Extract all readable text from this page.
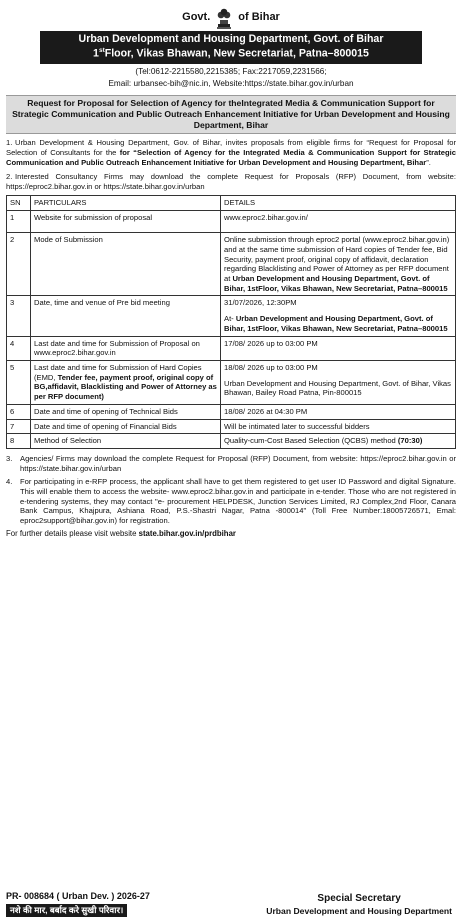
Govt.	of Bihar
Urban Development and Housing Department, Govt. of Bihar
1stFloor, Vikas Bhawan, New Secretariat, Patna–800015
(Tel:0612-2215580,2215385; Fax:2217059,2231566;
Email: urbansec-bih@nic.in, Website:https://state.bihar.gov.in/urban
Request for Proposal for Selection of Agency for theIntegrated Media & Communication Support for Strategic Communication and Public Outreach Enhancement Initiative for Urban Development and Housing Department, Bihar
1. Urban Development & Housing Department, Gov. of Bihar, invites proposals from eligible firms for “Request for Proposal for Selection of Consultants for the for “Selection of Agency for the Integrated Media & Communication Support for Strategic Communication and Public Outreach Enhancement Initiative for Urban Development and Housing Department, Bihar”.
2. Interested Consultancy Firms may download the complete Request for Proposals (RFP) Document, from website: https://eproc2.bihar.gov.in or https://state.bihar.gov.in/urban
SN	PARTICULARS	DETAILS
1	Website for submission of proposal	www.eproc2.bihar.gov.in/
2	Mode of Submission	Online submission through eproc2 portal (www.eproc2.bihar.gov.in) and at the same time submission of Hard copies of Tender fee, Bid Security, payment proof, original copy of affidavit, declaration regarding Blacklisting and Power of Attorney as per RFP document at Urban Development and Housing Department, Govt. of Bihar, 1stFloor, Vikas Bhawan, New Secretariat, Patna–800015
3	Date, time and venue of Pre bid meeting	31/07/2026, 12:30PM
At- Urban Development and Housing Department, Govt. of Bihar, 1stFloor, Vikas Bhawan, New Secretariat, Patna–800015
4	Last date and time for Submission of Proposal on www.eproc2.bihar.gov.in	17/08/ 2026 up to 03:00 PM
5	Last date and time for Submission of Hard Copies (EMD, Tender fee, payment proof, original copy of BG,affidavit, Blacklisting and Power of Attorney as per RFP document)	18/08/ 2026 up to 03:00 PM
Urban Development and Housing Department, Govt. of Bihar, Vikas Bhawan, Bailey Road Patna, Pin-800015

6	Date and time of opening of Technical Bids	18/08/ 2026 at 04:30 PM
7	Date and time of opening of Financial Bids	Will be intimated later to successful bidders
8	Method of Selection	Quality-cum-Cost Based Selection (QCBS) method (70:30)
3.	Agencies/ Firms may download the complete Request for Proposal (RFP) Document, from website: https://eproc2.bihar.gov.in or https://state.bihar.gov.in/urban
4.	For participating in e-RFP process, the applicant shall have to get them registered to get user ID Password and digital Signature. This will enable them to access the website- www.eproc2.bihar.gov.in and participate in e-tender. Those who are not registered in e-tendering systems, they may contact "e- procurement HELPDESK, Junction Services Limited, RJ Complex,2nd Floor, Canara Bank Campus, Khajpura, Ashiana Road, P.S.-Shastri Nagar, Patna -800014" (Toll Free Number:18005726571, Emal: eproc2support@bihar.gov.in) for registration.
For further details please visit website state.bihar.gov.in/prdbihar
PR- 008684 ( Urban Dev. ) 2026-27
नशे की मार, बर्बाद करे सुखी परिवार।
Special Secretary
Urban Development and Housing Department
